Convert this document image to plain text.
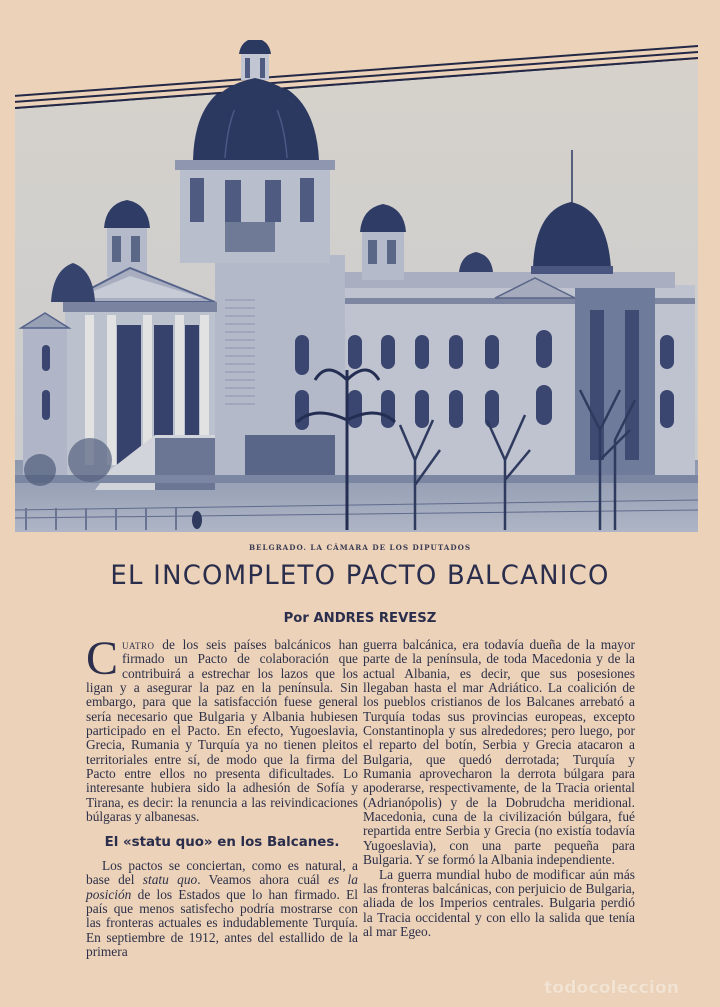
BELGRADO. LA CÁMARA DE LOS DIPUTADOS
EL INCOMPLETO PACTO BALCANICO
Por ANDRES REVESZ

Cuatro de los seis países balcánicos han firmado un Pacto de colaboración que contribuirá a estrechar los lazos que los ligan y a asegurar la paz en la península. Sin embargo, para que la satisfacción fuese general sería necesario que Bulgaria y Albania hubiesen participado en el Pacto. En efecto, Yugoeslavia, Grecia, Rumania y Turquía ya no tienen pleitos territoriales entre sí, de modo que la firma del Pacto entre ellos no presenta dificultades. Lo interesante hubiera sido la adhesión de Sofía y Tirana, es decir: la renuncia a las reivindicaciones búlgaras y albanesas.

El «statu quo» en los Balcanes.

Los pactos se conciertan, como es natural, a base del statu quo. Veamos ahora cuál es la posición de los Estados que lo han firmado. El país que menos satisfecho podría mostrarse con las fronteras actuales es indudablemente Turquía. En septiembre de 1912, antes del estallido de la primera

guerra balcánica, era todavía dueña de la mayor parte de la península, de toda Macedonia y de la actual Albania, es decir, que sus posesiones llegaban hasta el mar Adriático. La coalición de los pueblos cristianos de los Balcanes arrebató a Turquía todas sus provincias europeas, excepto Constantinopla y sus alrededores; pero luego, por el reparto del botín, Serbia y Grecia atacaron a Bulgaria, que quedó derrotada; Turquía y Rumania aprovecharon la derrota búlgara para apoderarse, respectivamente, de la Tracia oriental (Adrianópolis) y de la Dobrudcha meridional. Macedonia, cuna de la civilización búlgara, fué repartida entre Serbia y Grecia (no existía todavía Yugoeslavia), con una parte pequeña para Bulgaria. Y se formó la Albania independiente.

La guerra mundial hubo de modificar aún más las fronteras balcánicas, con perjuicio de Bulgaria, aliada de los Imperios centrales. Bulgaria perdió la Tracia occidental y con ello la salida que tenía al mar Egeo.

todocoleccion
